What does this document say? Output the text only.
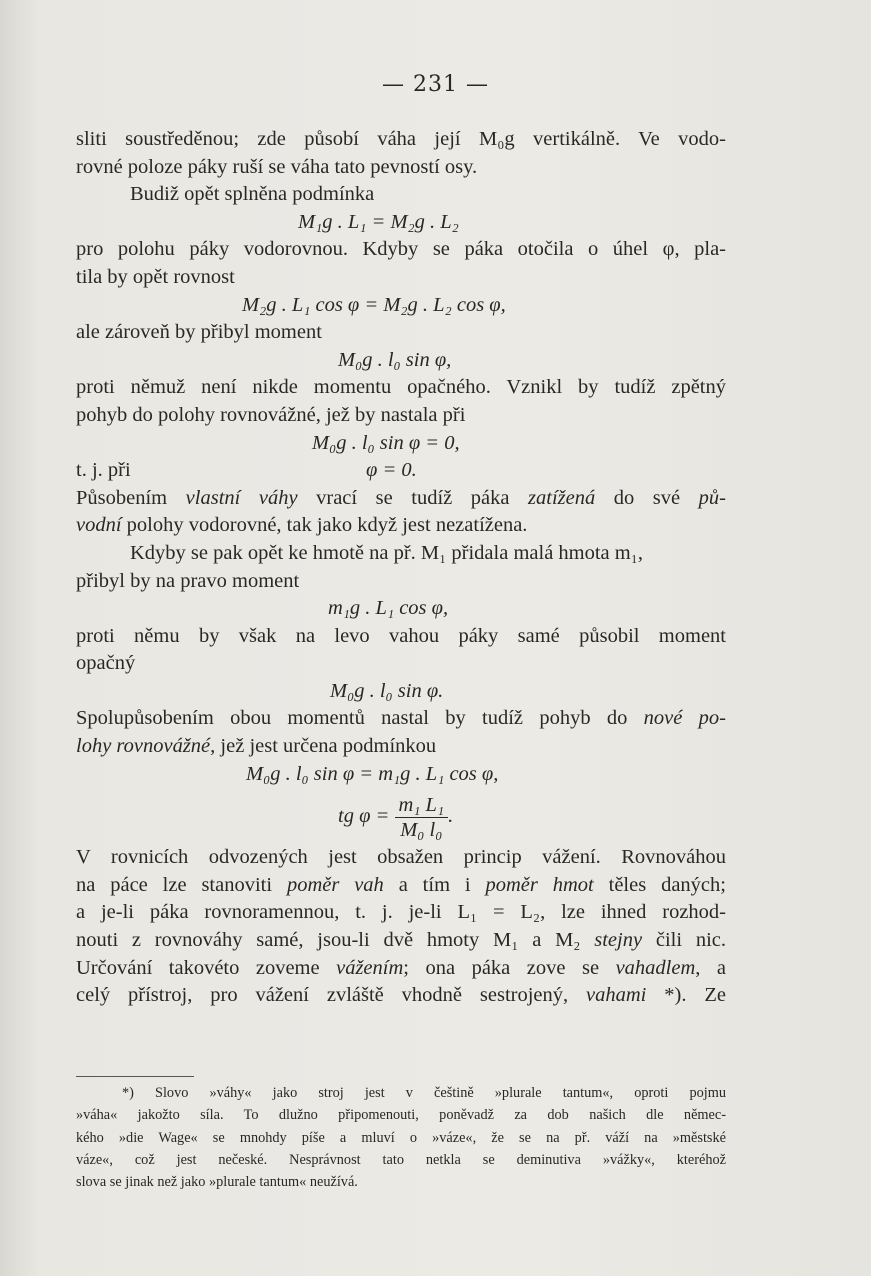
— 231 —
sliti soustředěnou; zde působí váha její M₀g vertikálně. Ve vodo-
rovné poloze páky ruší se váha tato pevností osy.
Budiž opět splněna podmínka
M₁g . L₁ = M₂g . L₂
pro polohu páky vodorovnou. Kdyby se páka otočila o úhel φ, pla-
tila by opět rovnost
M₂g . L₁ cos φ = M₂g . L₂ cos φ,
ale zároveň by přibyl moment
M₀g . l₀ sin φ,
proti němuž není nikde momentu opačného. Vznikl by tudíž zpětný
pohyb do polohy rovnovážné, jež by nastala při
M₀g . l₀ sin φ = 0,
t. j. při	φ = 0.
Působením vlastní váhy vrací se tudíž páka zatížená do své pů-
vodní polohy vodorovné, tak jako když jest nezatížena.
Kdyby se pak opět ke hmotě na př. M₁ přidala malá hmota m₁,
přibyl by na pravo moment
m₁g . L₁ cos φ,
proti němu by však na levo vahou páky samé působil moment
opačný
M₀g . l₀ sin φ.
Spolupůsobením obou momentů nastal by tudíž pohyb do nové po-
lohy rovnovážné, jež jest určena podmínkou
M₀g . l₀ sin φ = m₁g . L₁ cos φ,
tg $\varphi = \frac{\text{m₁ L₁}}{\text{M₀ l₀}}$ .
V rovnicích odvozených jest obsažen princip vážení. Rovnováhou
na páce lze stanoviti poměr vah a tím i poměr hmot těles daných;
a je-li páka rovnoramennou, t. j. je-li L₁ = L₂, lze ihned rozhod-
nouti z rovnováhy samé, jsou-li dvě hmoty M₁ a M₂ stejny čili nic.
Určování takovéto zoveme vážením; ona páka zove se vahadlem, a
celý přístroj, pro vážení zvláště vhodně sestrojený, vahami *). Ze
*) Slovo »váhy« jako stroj jest v češtině »plurale tantum«, oproti pojmu
»váha« jakožto síla. To dlužno připomenouti, poněvadž za dob našich dle němec-
kého »die Wage« se mnohdy píše a mluví o »váze«, že se na př. váží na »městské
váze«, což jest nečeské. Nesprávnost tato netkla se deminutiva »vážky«, kteréhož
slova se jinak než jako »plurale tantum« neužívá.
